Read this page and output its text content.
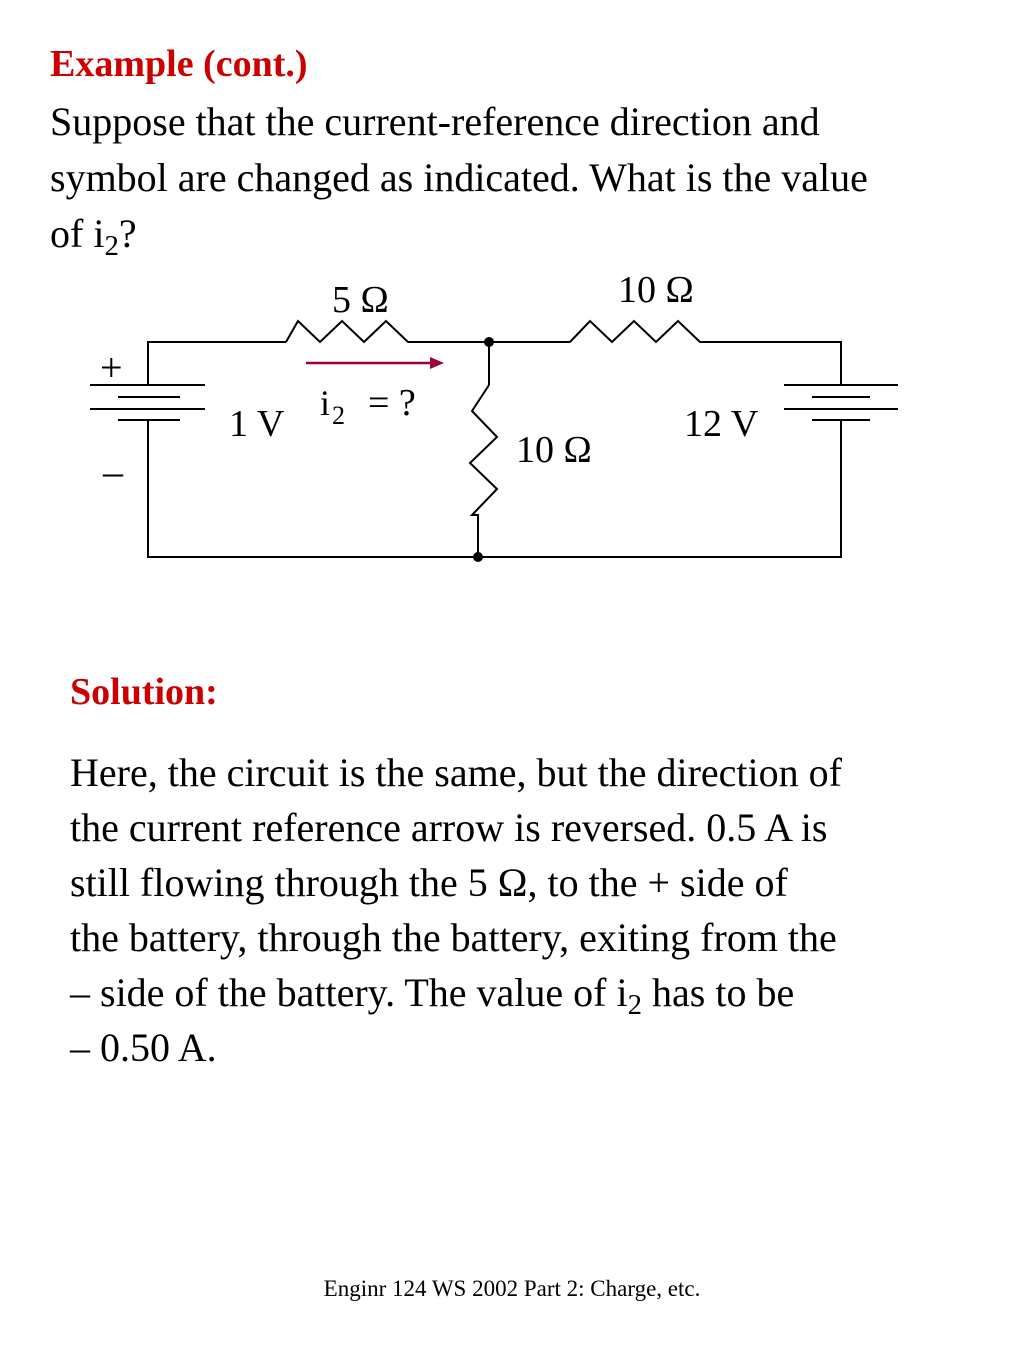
Example (cont.)
Suppose that the current-reference direction and
symbol are changed as indicated. What is the value
of $i_2$?
5 Ω	10 Ω
10 Ω
1 V	12 V
+
–
i 2 = ?
Solution:
Here, the circuit is the same, but the direction of
the current reference arrow is reversed. 0.5 A is
still flowing through the 5 Ω, to the + side of
the battery, through the battery, exiting from the
– side of the battery. The value of $i_2$ has to be
– 0.50 A.
Enginr 124 WS 2002 Part 2: Charge, etc.
